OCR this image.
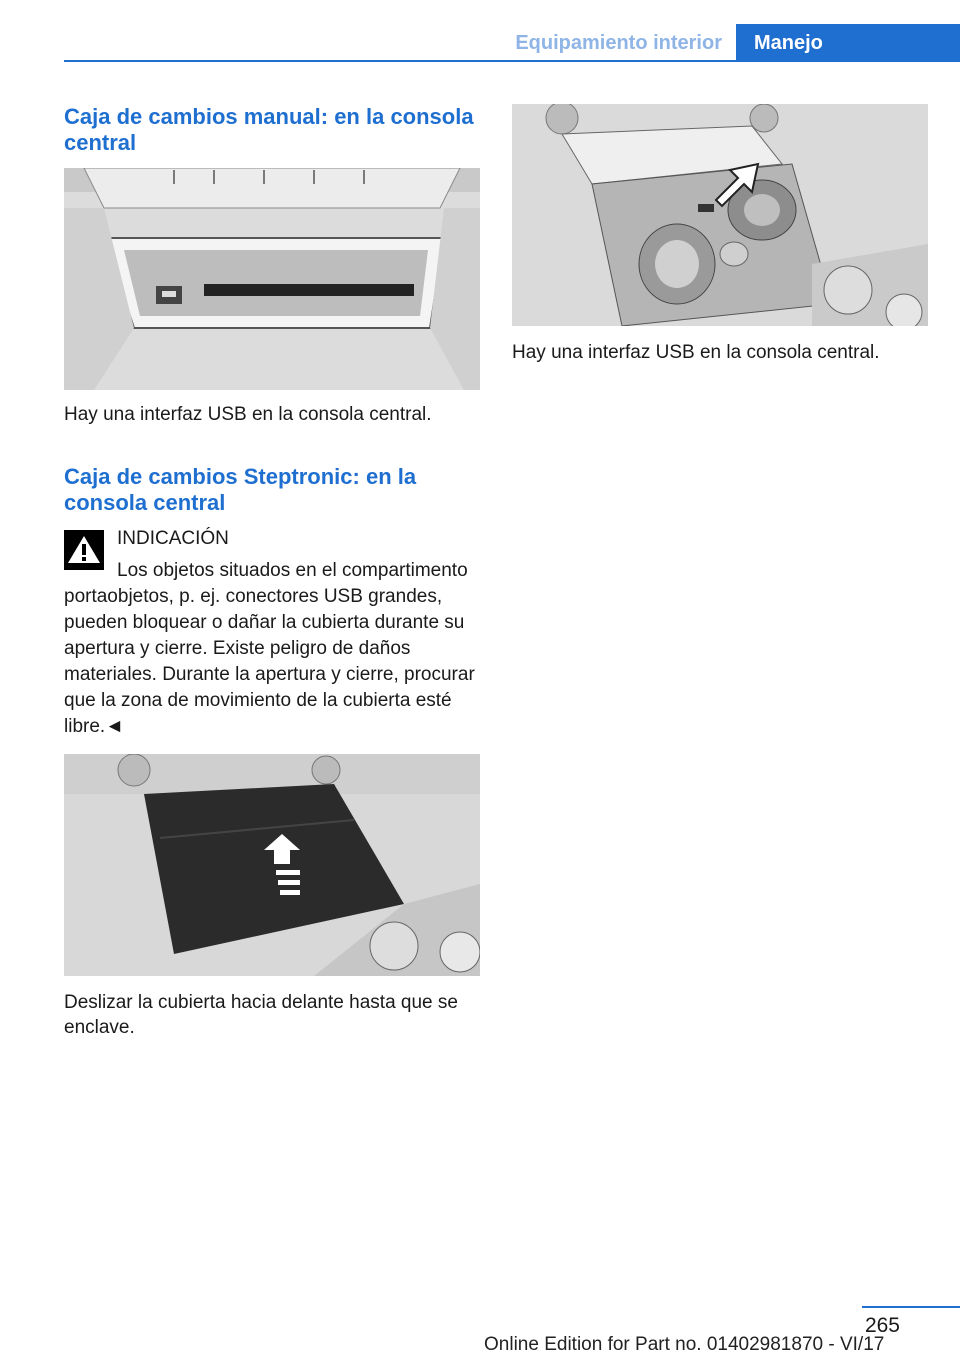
Equipamiento interior	Manejo
Caja de cambios manual: en la consola central

Hay una interfaz USB en la consola central.

Caja de cambios Steptronic: en la consola central
INDICACIÓN

Los objetos situados en el compartimento portaobjetos, p. ej. conectores USB grandes, pueden bloquear o dañar la cubierta durante su apertura y cierre. Existe peligro de daños materiales. Durante la apertura y cierre, procurar que la zona de movimiento de la cubierta esté libre.◄

Deslizar la cubierta hacia delante hasta que se enclave.

Hay una interfaz USB en la consola central.

265
Online Edition for Part no. 01402981870 - VI/17
